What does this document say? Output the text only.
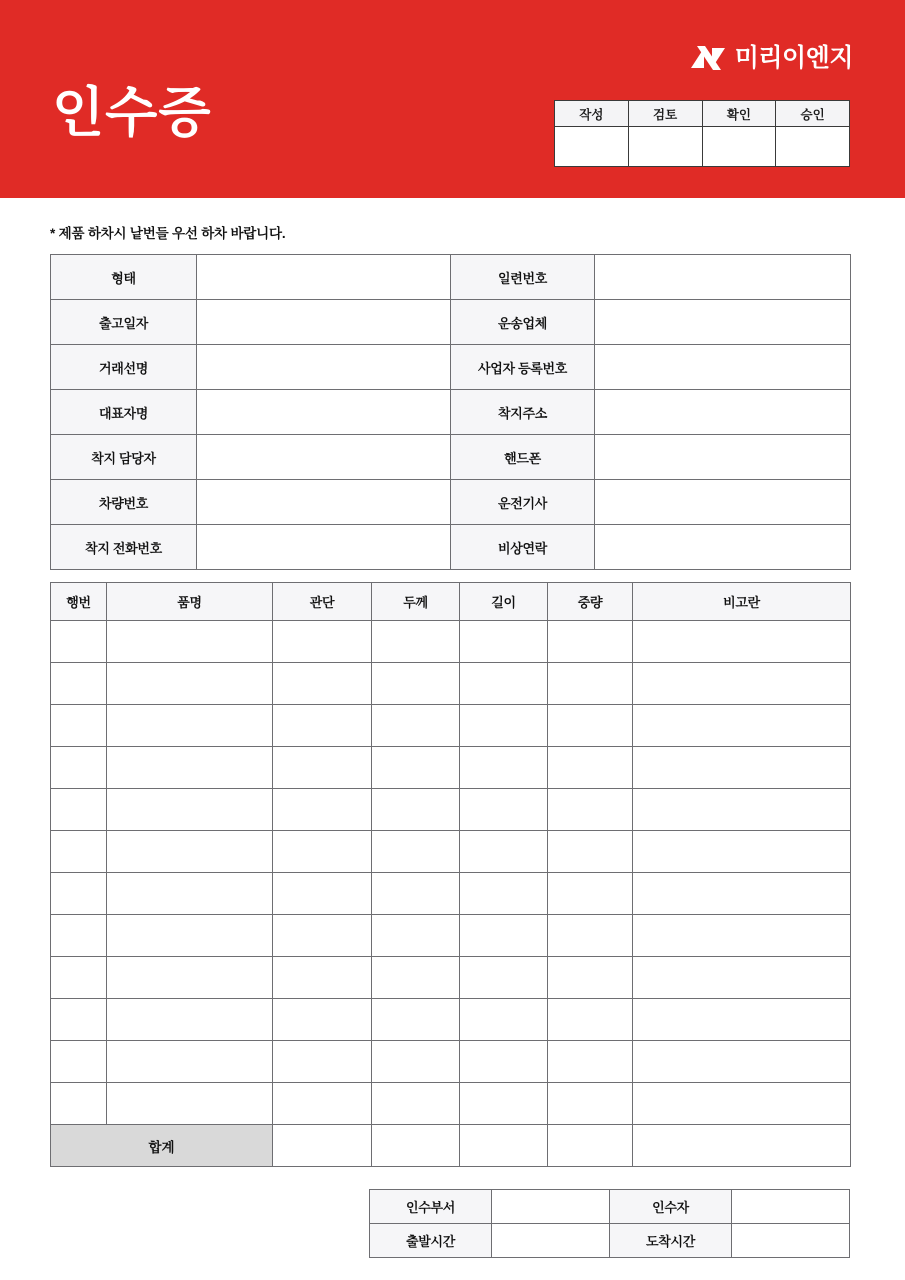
미리이엔지
인수증	작성	검토	확인	승인

* 제품 하차시 낱번들 우선 하차 바랍니다.

형태		일련번호	
출고일자		운송업체	
거래선명		사업자 등록번호	
대표자명		착지주소	
착지 담당자		핸드폰	
차량번호		운전기사	
착지 전화번호		비상연락	
행번	품명	관단	두께	길이	중량	비고란

합계						
인수부서		인수자	
출발시간		도착시간	
